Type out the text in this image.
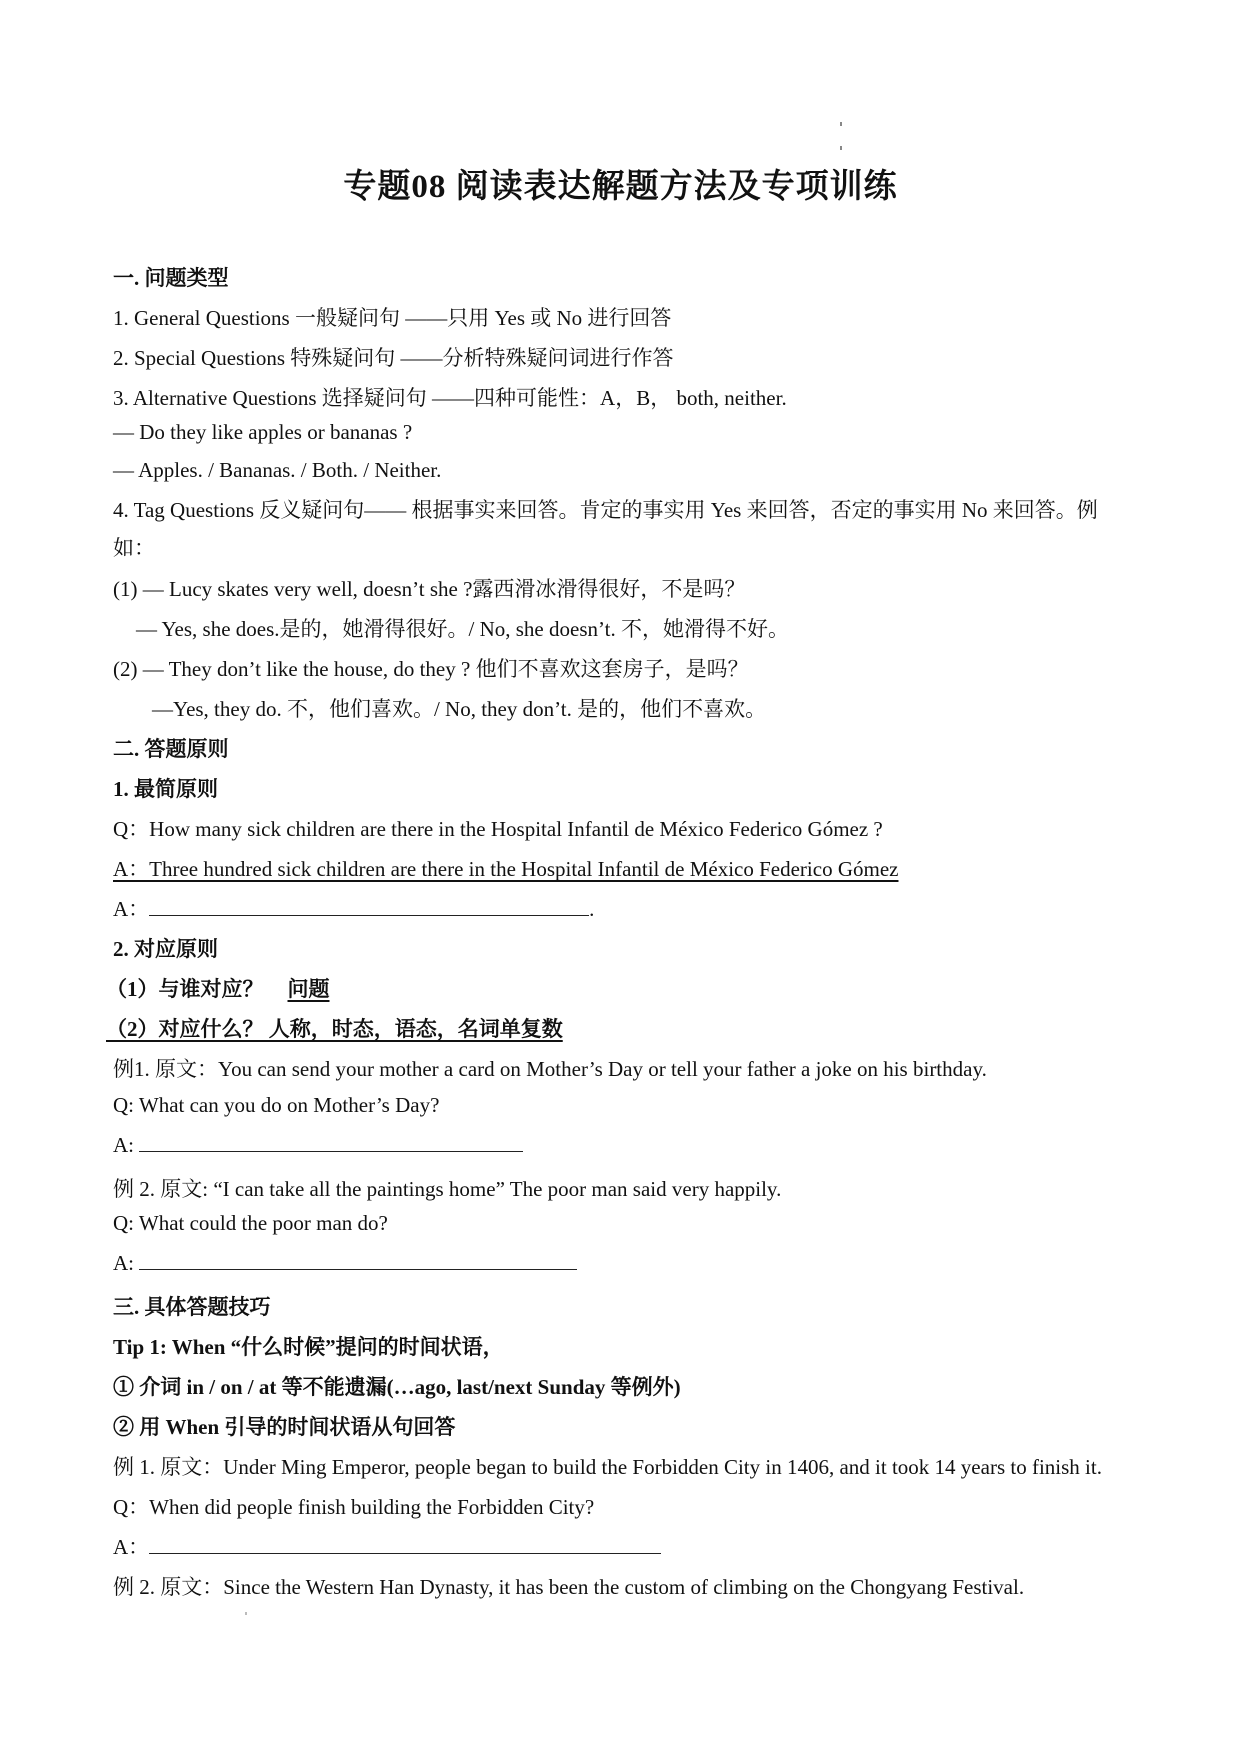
专题08 阅读表达解题方法及专项训练
一. 问题类型
1. General Questions 一般疑问句 ——只用 Yes 或 No 进行回答
2. Special Questions 特殊疑问句 ——分析特殊疑问词进行作答
3. Alternative Questions 选择疑问句 ——四种可能性：A，B， both, neither.
— Do they like apples or bananas ?
— Apples. / Bananas. / Both. / Neither.
4. Tag Questions 反义疑问句—— 根据事实来回答。肯定的事实用 Yes 来回答，否定的事实用 No 来回答。例如：
(1) — Lucy skates very well, doesn’t she ?露西滑冰滑得很好，不是吗？
— Yes, she does.是的，她滑得很好。/ No, she doesn’t. 不，她滑得不好。
(2) — They don’t like the house, do they ? 他们不喜欢这套房子，是吗？
—Yes, they do. 不，他们喜欢。/ No, they don’t. 是的，他们不喜欢。
二. 答题原则
1. 最简原则
Q：How many sick children are there in the Hospital Infantil de México Federico Gómez ?
A：Three hundred sick children are there in the Hospital Infantil de México Federico Gómez
A：	.
2. 对应原则
（1）与谁对应？ 问题
（2）对应什么？ 人称，时态，语态，名词单复数
例1. 原文：You can send your mother a card on Mother’s Day or tell your father a joke on his birthday.
Q: What can you do on Mother’s Day?
A:
例 2. 原文: “I can take all the paintings home” The poor man said very happily.
Q: What could the poor man do?
A:
三. 具体答题技巧
Tip 1: When “什么时候”提问的时间状语，
① 介词 in / on / at 等不能遗漏(…ago, last/next Sunday 等例外)
② 用 When 引导的时间状语从句回答
例 1. 原文：Under Ming Emperor, people began to build the Forbidden City in 1406, and it took 14 years to finish it.
Q：When did people finish building the Forbidden City?
A：
例 2. 原文：Since the Western Han Dynasty, it has been the custom of climbing on the Chongyang Festival.
